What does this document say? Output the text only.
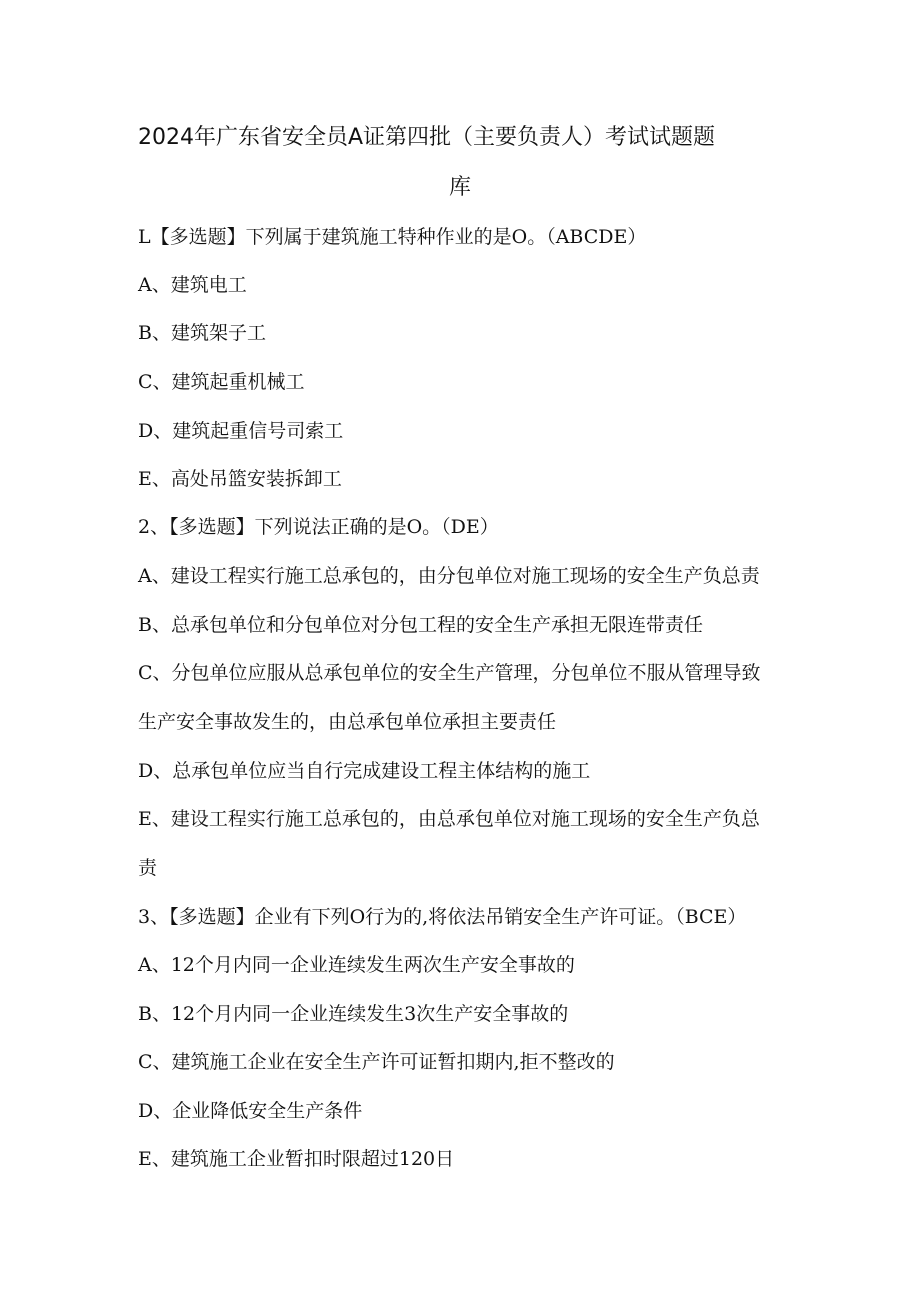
2024年广东省安全员A证第四批（主要负责人）考试试题题
库
L【多选题】下列属于建筑施工特种作业的是O。（ABCDE）
A、建筑电工
B、建筑架子工
C、建筑起重机械工
D、建筑起重信号司索工
E、高处吊篮安装拆卸工
2、【多选题】下列说法正确的是O。（DE）
A、建设工程实行施工总承包的，由分包单位对施工现场的安全生产负总责
B、总承包单位和分包单位对分包工程的安全生产承担无限连带责任
C、分包单位应服从总承包单位的安全生产管理，分包单位不服从管理导致
生产安全事故发生的，由总承包单位承担主要责任
D、总承包单位应当自行完成建设工程主体结构的施工
E、建设工程实行施工总承包的，由总承包单位对施工现场的安全生产负总
责
3、【多选题】企业有下列O行为的,将依法吊销安全生产许可证。（BCE）
A、12个月内同一企业连续发生两次生产安全事故的
B、12个月内同一企业连续发生3次生产安全事故的
C、建筑施工企业在安全生产许可证暂扣期内,拒不整改的
D、企业降低安全生产条件
E、建筑施工企业暂扣时限超过120日
